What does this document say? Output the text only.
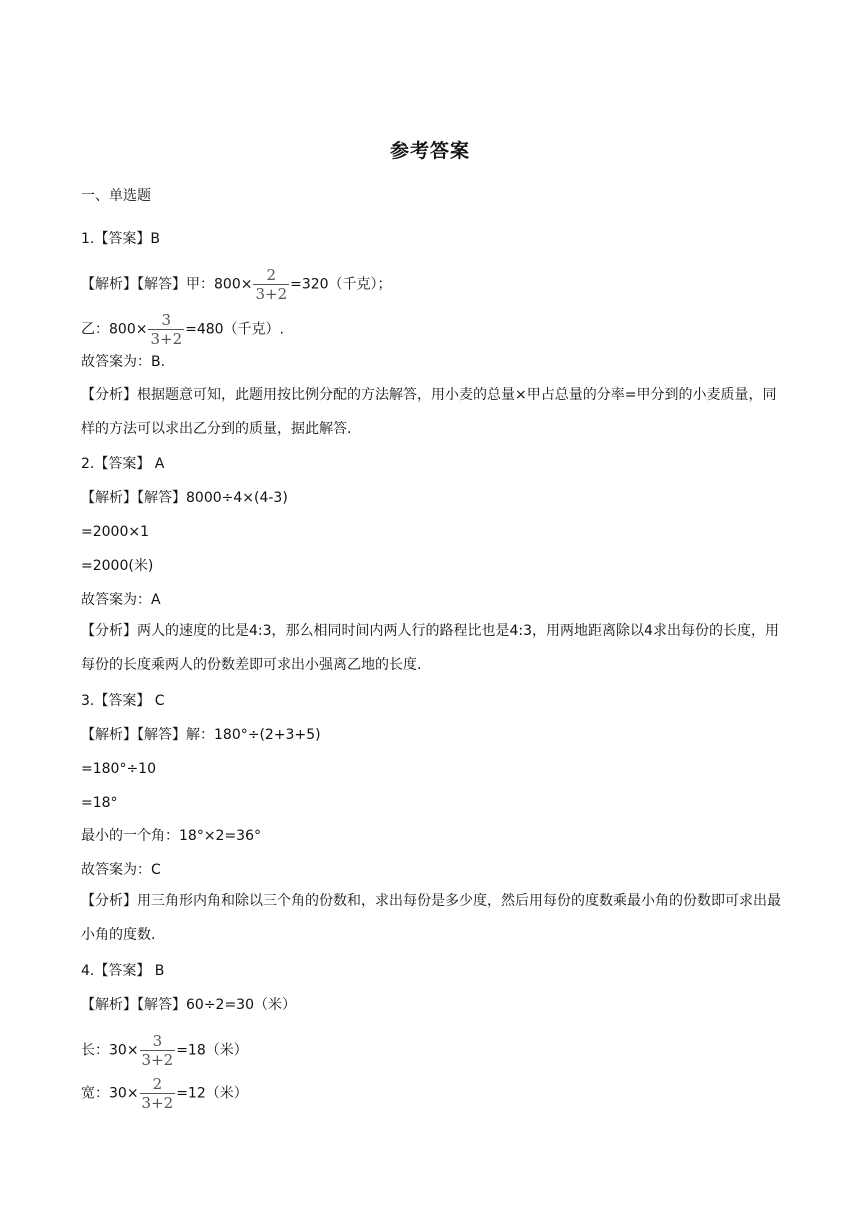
参考答案
一、单选题
1.【答案】B
【解析】【解答】甲：$800\times \frac{2}{3+2} =320$（千克）；
乙：$800\times \frac{3}{3+2} =480$（千克）.
故答案为：B.
【分析】根据题意可知，此题用按比例分配的方法解答，用小麦的总量×甲占总量的分率=甲分到的小麦质量，同样的方法可以求出乙分到的质量，据此解答.
2.【答案】 A
【解析】【解答】8000÷4×(4-3)
=2000×1
=2000(米)
故答案为：A
【分析】两人的速度的比是4:3，那么相同时间内两人行的路程比也是4:3，用两地距离除以4求出每份的长度，用每份的长度乘两人的份数差即可求出小强离乙地的长度.
3.【答案】 C
【解析】【解答】解：180°÷(2+3+5)
=180°÷10
=18°
最小的一个角：18°×2=36°
故答案为：C
【分析】用三角形内角和除以三个角的份数和，求出每份是多少度，然后用每份的度数乘最小角的份数即可求出最小角的度数.
4.【答案】 B
【解析】【解答】60÷2=30（米）
长：$30\times \frac{3}{3+2} =18$（米）
宽：$30\times \frac{2}{3+2} =12$（米）
